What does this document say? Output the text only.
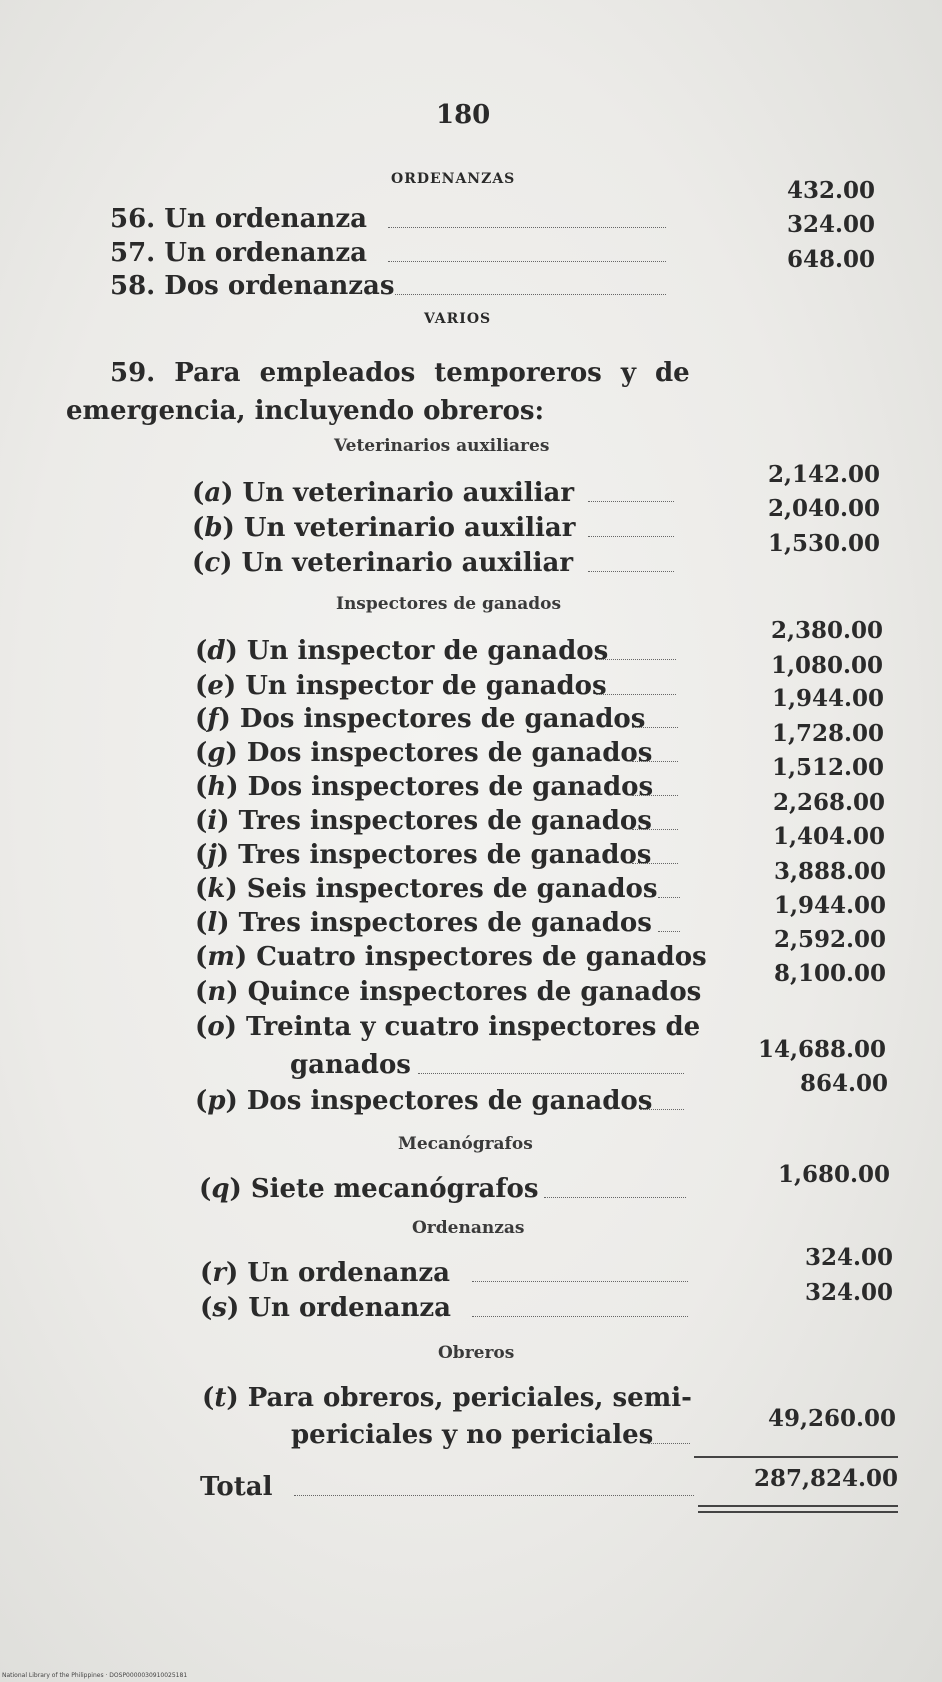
180
ORDENANZAS
56. Un ordenanza
432.00
57. Un ordenanza
324.00
58. Dos ordenanzas
648.00
VARIOS
59. Para empleados temporeros y de
emergencia, incluyendo obreros:
Veterinarios auxiliares
(a) Un veterinario auxiliar
2,142.00
(b) Un veterinario auxiliar
2,040.00
(c) Un veterinario auxiliar
1,530.00
Inspectores de ganados
(d) Un inspector de ganados
2,380.00
(e) Un inspector de ganados
1,080.00
(f) Dos inspectores de ganados
1,944.00
(g) Dos inspectores de ganados
1,728.00
(h) Dos inspectores de ganados
1,512.00
(i) Tres inspectores de ganados
2,268.00
(j) Tres inspectores de ganados
1,404.00
(k) Seis inspectores de ganados
3,888.00
(l) Tres inspectores de ganados
1,944.00
(m) Cuatro inspectores de ganados
2,592.00
(n) Quince inspectores de ganados
8,100.00
(o) Treinta y cuatro inspectores de
ganados
14,688.00
(p) Dos inspectores de ganados
864.00
Mecanógrafos
(q) Siete mecanógrafos	1,680.00
Ordenanzas
(r) Un ordenanza
324.00
(s) Un ordenanza
324.00
Obreros
(t) Para obreros, periciales, semi-
periciales y no periciales
49,260.00
Total	287,824.00
National Library of the Philippines · DOSP0000030910025181
